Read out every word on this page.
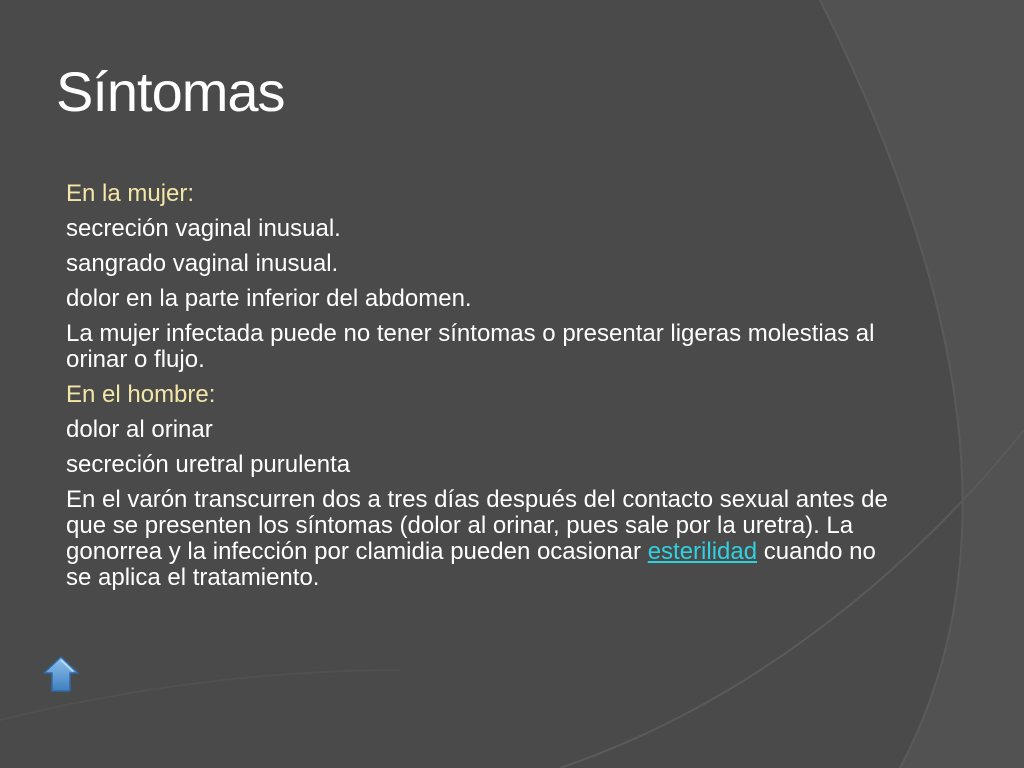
Síntomas
En la mujer:
secreción vaginal inusual.
sangrado vaginal inusual.
dolor en la parte inferior del abdomen.
La mujer infectada puede no tener síntomas o presentar ligeras molestias al orinar o flujo.
En el hombre:
dolor al orinar
secreción uretral purulenta
En el varón transcurren dos a tres días después del contacto sexual antes de que se presenten los síntomas (dolor al orinar, pues sale por la uretra). La gonorrea y la infección por clamidia pueden ocasionar esterilidad cuando no se aplica el tratamiento.
